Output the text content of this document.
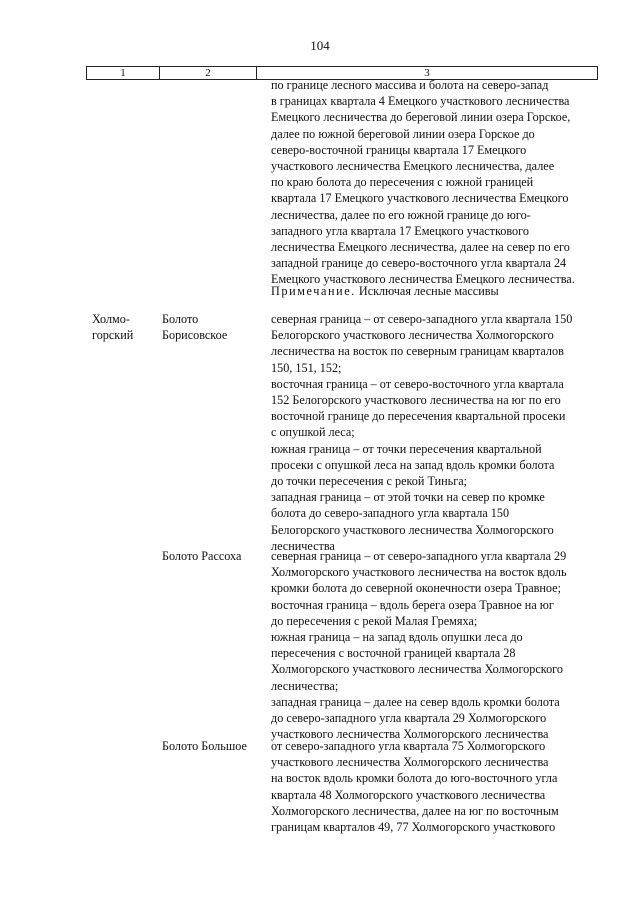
104
1	2	3
по границе лесного массива и болота на северо-запад
в границах квартала 4 Емецкого участкового лесничества
Емецкого лесничества до береговой линии озера Горское,
далее по южной береговой линии озера Горское до
северо-восточной границы квартала 17 Емецкого
участкового лесничества Емецкого лесничества, далее
по краю болота до пересечения с южной границей
квартала 17 Емецкого участкового лесничества Емецкого
лесничества, далее по его южной границе до юго-
западного угла квартала 17 Емецкого участкового
лесничества Емецкого лесничества, далее на север по его
западной границе до северо-восточного угла квартала 24
Емецкого участкового лесничества Емецкого лесничества.
Примечание. Исключая лесные массивы
Холмо-
горский
Болото
Борисовское
северная граница – от северо-западного угла квартала 150
Белогорского участкового лесничества Холмогорского
лесничества на восток по северным границам кварталов
150, 151, 152;
восточная граница – от северо-восточного угла квартала
152 Белогорского участкового лесничества на юг по его
восточной границе до пересечения квартальной просеки
с опушкой леса;
южная граница – от точки пересечения квартальной
просеки с опушкой леса на запад вдоль кромки болота
до точки пересечения с рекой Тиньга;
западная граница – от этой точки на север по кромке
болота до северо-западного угла квартала 150
Белогорского участкового лесничества Холмогорского
лесничества
Болото Рассоха северная граница – от северо-западного угла квартала 29
Холмогорского участкового лесничества на восток вдоль
кромки болота до северной оконечности озера Травное;
восточная граница – вдоль берега озера Травное на юг
до пересечения с рекой Малая Гремяха;
южная граница – на запад вдоль опушки леса до
пересечения с восточной границей квартала 28
Холмогорского участкового лесничества Холмогорского
лесничества;
западная граница – далее на север вдоль кромки болота
до северо-западного угла квартала 29 Холмогорского
участкового лесничества Холмогорского лесничества
Болото Большое от северо-западного угла квартала 75 Холмогорского
участкового лесничества Холмогорского лесничества
на восток вдоль кромки болота до юго-восточного угла
квартала 48 Холмогорского участкового лесничества
Холмогорского лесничества, далее на юг по восточным
границам кварталов 49, 77 Холмогорского участкового
